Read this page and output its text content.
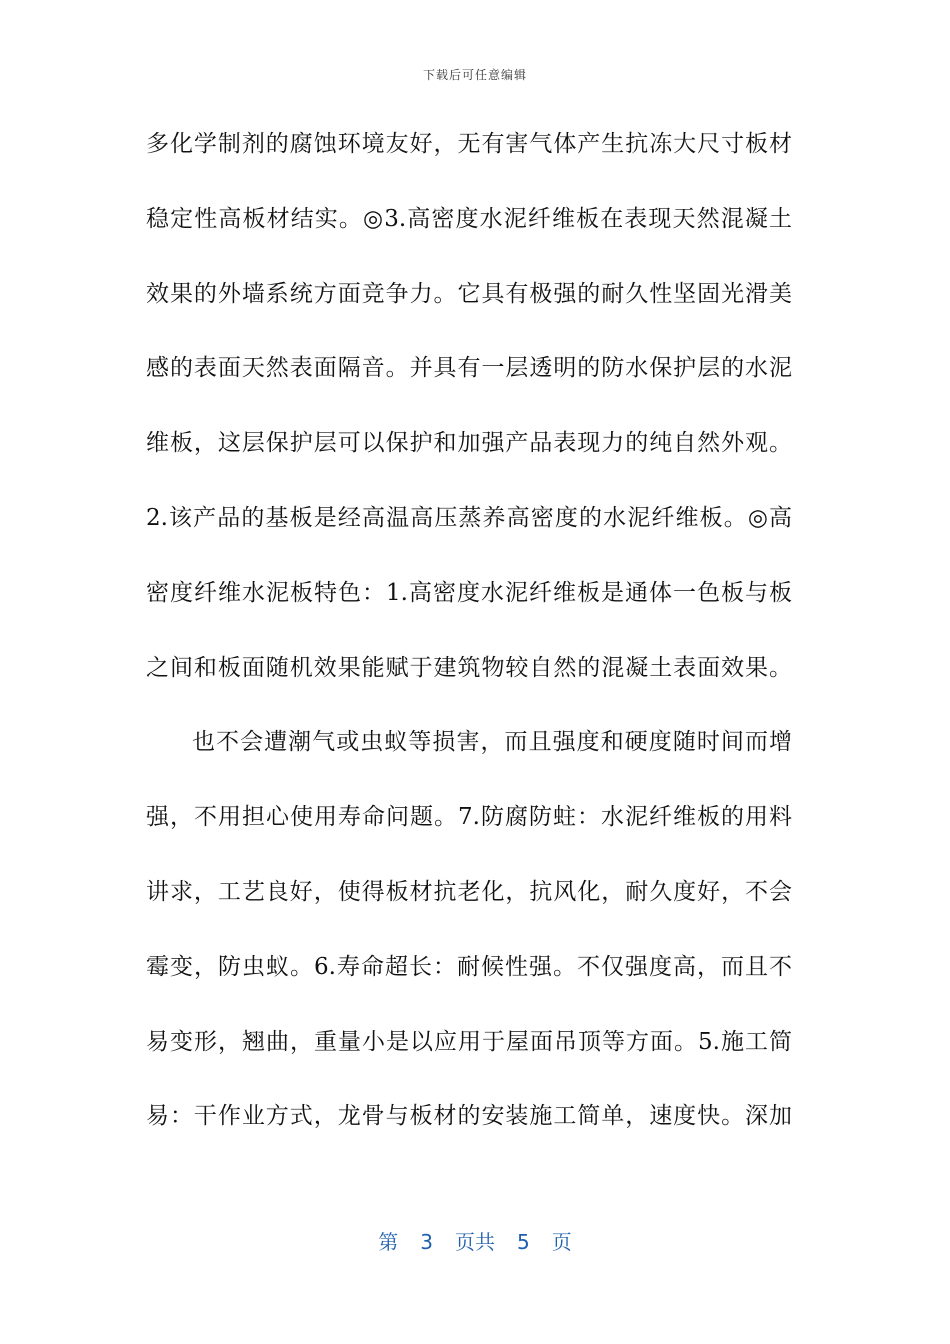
下载后可任意编辑
多化学制剂的腐蚀环境友好，无有害气体产生抗冻大尺寸板材
稳定性高板材结实。◎3.高密度水泥纤维板在表现天然混凝土
效果的外墙系统方面竞争力。它具有极强的耐久性坚固光滑美
感的表面天然表面隔音。并具有一层透明的防水保护层的水泥
维板，这层保护层可以保护和加强产品表现力的纯自然外观。
2.该产品的基板是经高温高压蒸养高密度的水泥纤维板。◎高
密度纤维水泥板特色：1.高密度水泥纤维板是通体一色板与板
之间和板面随机效果能赋于建筑物较自然的混凝土表面效果。
也不会遭潮气或虫蚁等损害，而且强度和硬度随时间而增
强，不用担心使用寿命问题。7.防腐防蛀：水泥纤维板的用料
讲求，工艺良好，使得板材抗老化，抗风化，耐久度好，不会
霉变，防虫蚁。6.寿命超长：耐候性强。不仅强度高，而且不
易变形，翘曲，重量小是以应用于屋面吊顶等方面。5.施工简
易：干作业方式，龙骨与板材的安装施工简单，速度快。深加
第 3 页共 5 页
